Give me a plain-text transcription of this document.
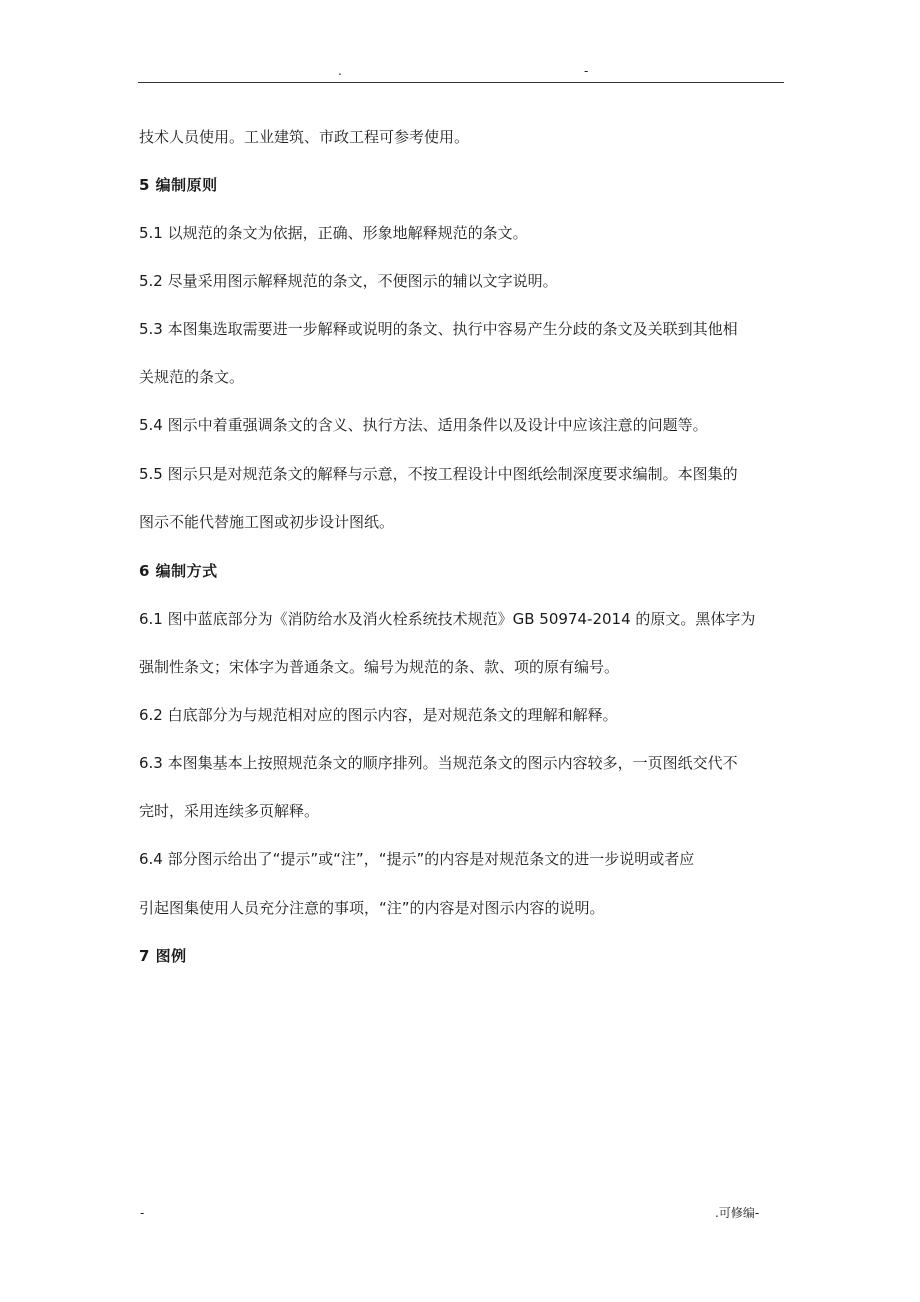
.	-
技术人员使用。工业建筑、市政工程可参考使用。
5 编制原则
5.1 以规范的条文为依据，正确、形象地解释规范的条文。
5.2 尽量采用图示解释规范的条文，不便图示的辅以文字说明。
5.3 本图集选取需要进一步解释或说明的条文、执行中容易产生分歧的条文及关联到其他相
关规范的条文。
5.4 图示中着重强调条文的含义、执行方法、适用条件以及设计中应该注意的问题等。
5.5 图示只是对规范条文的解释与示意，不按工程设计中图纸绘制深度要求编制。本图集的
图示不能代替施工图或初步设计图纸。
6 编制方式
6.1 图中蓝底部分为《消防给水及消火栓系统技术规范》GB 50974-2014 的原文。黑体字为
强制性条文；宋体字为普通条文。编号为规范的条、款、项的原有编号。
6.2 白底部分为与规范相对应的图示内容，是对规范条文的理解和解释。
6.3 本图集基本上按照规范条文的顺序排列。当规范条文的图示内容较多，一页图纸交代不
完时，采用连续多页解释。
6.4 部分图示给出了“提示”或“注”，“提示”的内容是对规范条文的进一步说明或者应
引起图集使用人员充分注意的事项，“注”的内容是对图示内容的说明。
7 图例
-	.可修编-
